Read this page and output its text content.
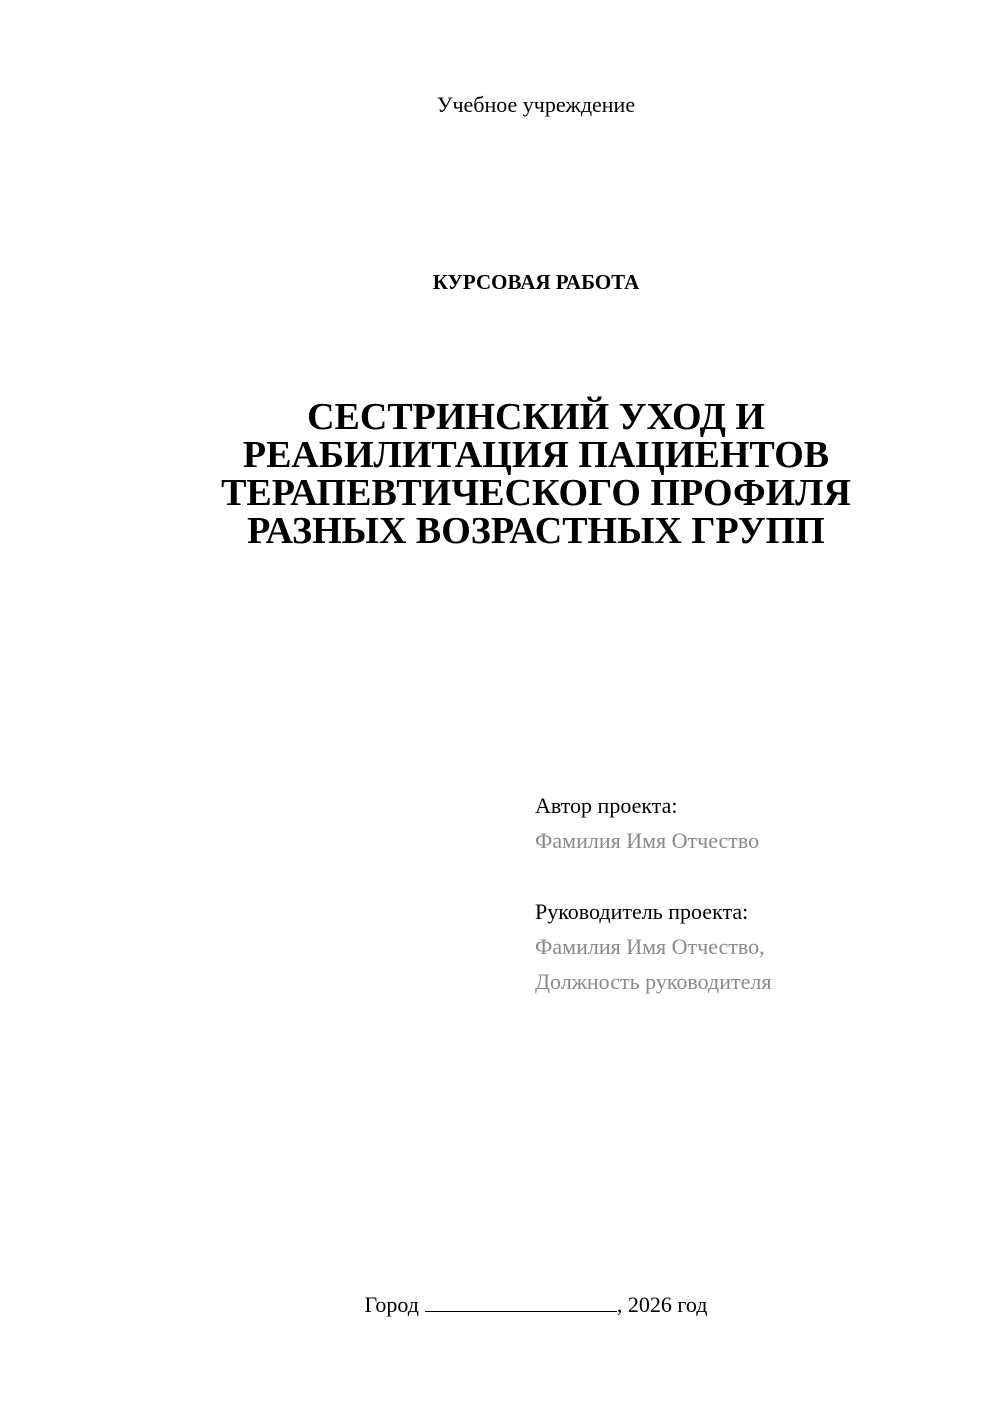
Учебное учреждение
КУРСОВАЯ РАБОТА
СЕСТРИНСКИЙ УХОД И
РЕАБИЛИТАЦИЯ ПАЦИЕНТОВ
ТЕРАПЕВТИЧЕСКОГО ПРОФИЛЯ
РАЗНЫХ ВОЗРАСТНЫХ ГРУПП
Автор проекта:
Фамилия Имя Отчество
Руководитель проекта:
Фамилия Имя Отчество,
Должность руководителя
Город	, 2026 год
